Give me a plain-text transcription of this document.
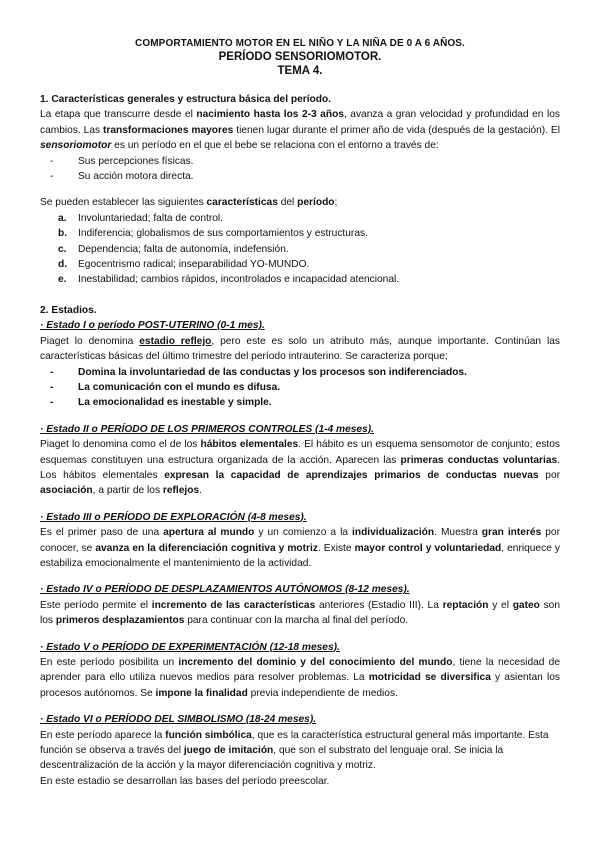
COMPORTAMIENTO MOTOR EN EL NIÑO Y LA NIÑA DE 0 A 6 AÑOS.
PERÍODO SENSORIOMOTOR.
TEMA 4.
1. Características generales y estructura básica del período.

La etapa que transcurre desde el nacimiento hasta los 2-3 años, avanza a gran velocidad y profundidad en los cambios. Las transformaciones mayores tienen lugar durante el primer año de vida (después de la gestación). El sensoriomotor es un período en el que el bebe se relaciona con el entorno a través de:

- Sus percepciones físicas.
- Su acción motora directa.

Se pueden establecer las siguientes características del período;

a. Involuntariedad; falta de control.
b. Indiferencia; globalismos de sus comportamientos y estructuras.
c. Dependencia; falta de autonomía, indefensión.
d. Egocentrismo radical; inseparabilidad YO-MUNDO.
e. Inestabilidad; cambios rápidos, incontrolados e incapacidad atencional.
2. Estadios.
· Estado I o período POST-UTERINO (0-1 mes).

Piaget lo denomina estadio reflejo, pero este es solo un atributo más, aunque importante. Continúan las características básicas del último trimestre del período intrauterino. Se caracteriza porque;

- Domina la involuntariedad de las conductas y los procesos son indiferenciados.
- La comunicación con el mundo es difusa.
- La emocionalidad es inestable y simple.
· Estado II o PERÍODO DE LOS PRIMEROS CONTROLES (1-4 meses).

Piaget lo denomina como el de los hábitos elementales. El hábito es un esquema sensomotor de conjunto; estos esquemas constituyen una estructura organizada de la acción. Aparecen las primeras conductas voluntarias. Los hábitos elementales expresan la capacidad de aprendizajes primarios de conductas nuevas por asociación, a partir de los reflejos.

· Estado III o PERÍODO DE EXPLORACIÓN (4-8 meses).

Es el primer paso de una apertura al mundo y un comienzo a la individualización. Muestra gran interés por conocer, se avanza en la diferenciación cognitiva y motriz. Existe mayor control y voluntariedad, enriquece y estabiliza emocionalmente el mantenimiento de la actividad.

· Estado IV o PERÍODO DE DESPLAZAMIENTOS AUTÓNOMOS (8-12 meses).

Este período permite el incremento de las características anteriores (Estadio III). La reptación y el gateo son los primeros desplazamientos para continuar con la marcha al final del período.

· Estado V o PERÍODO DE EXPERIMENTACIÓN (12-18 meses).

En este período posibilita un incremento del dominio y del conocimiento del mundo, tiene la necesidad de aprender para ello utiliza nuevos medios para resolver problemas. La motricidad se diversifica y asientan los procesos autónomos. Se impone la finalidad previa independiente de medios.

· Estado VI o PERÍODO DEL SIMBOLISMO (18-24 meses).

En este período aparece la función simbólica, que es la característica estructural general más importante. Esta función se observa a través del juego de imitación, que son el substrato del lenguaje oral. Se inicia la descentralización de la acción y la mayor diferenciación cognitiva y motriz.

En este estadio se desarrollan las bases del período preescolar.
